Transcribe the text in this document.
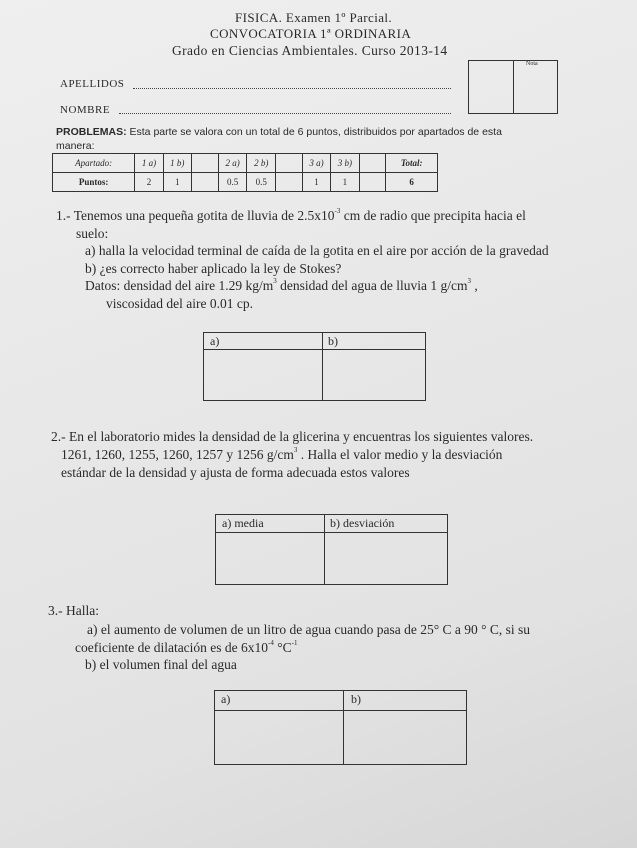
FISICA. Examen 1º Parcial.
CONVOCATORIA 1ª ORDINARIA
Grado en Ciencias Ambientales. Curso 2013-14
APELLIDOS
NOMBRE
Nota
PROBLEMAS: Esta parte se valora con un total de 6 puntos, distribuidos por apartados de esta
manera:
Apartado:	1 a)	1 b)		2 a)	2 b)		3 a)	3 b)		Total:
Puntos:	2	1		0.5	0.5		1	1		6
1.- Tenemos una pequeña gotita de lluvia de $2.5x10^{-3}$ cm de radio que precipita hacia el
suelo:
a) halla la velocidad terminal de caída de la gotita en el aire por acción de la gravedad
b) ¿es correcto haber aplicado la ley de Stokes?
Datos: densidad del aire 1.29 $kg/m^3$ densidad del agua de lluvia 1 $g/cm^3$ ,
viscosidad del aire 0.01 cp.
a)	b)
2.- En el laboratorio mides la densidad de la glicerina y encuentras los siguientes valores.
1261, 1260, 1255, 1260, 1257 y 1256 $g/cm^3$ . Halla el valor medio y la desviación
estándar de la densidad y ajusta de forma adecuada estos valores
a) media	b) desviación
3.- Halla:
a) el aumento de volumen de un litro de agua cuando pasa de 25° C a 90 ° C, si su
coeficiente de dilatación es de $6x10^{-4}$ $^\circ C^{-1}$
b) el volumen final del agua
a)	b)
